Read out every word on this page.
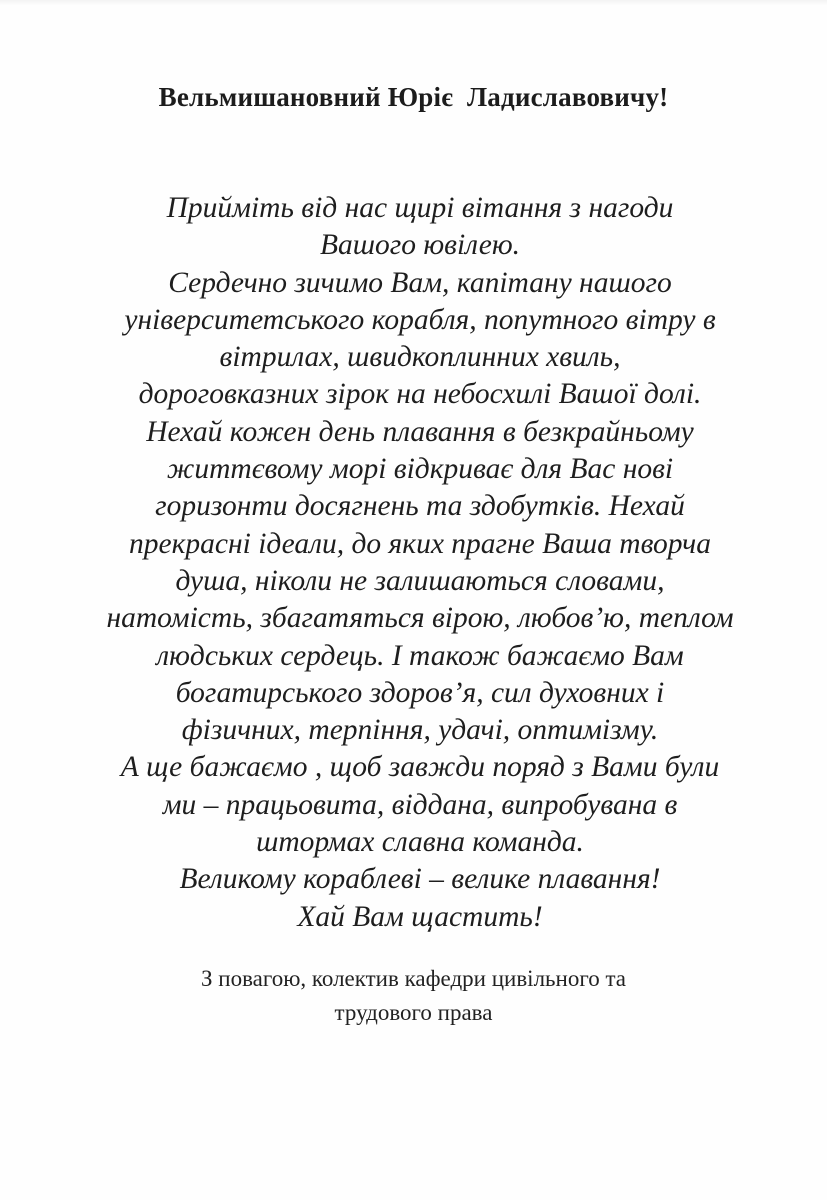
Вельмишановний Юріє  Ладиславовичу!
Прийміть від нас щирі вітання з нагоди
Вашого ювілею.
Сердечно зичимо Вам, капітану нашого
університетського корабля, попутного вітру в
вітрилах, швидкоплинних хвиль,
дороговказних зірок на небосхилі Вашої долі.
Нехай кожен день плавання в безкрайньому
життєвому морі відкриває для Вас нові
горизонти досягнень та здобутків. Нехай
прекрасні ідеали, до яких прагне Ваша творча
душа, ніколи не залишаються словами,
натомість, збагатяться вірою, любов’ю, теплом
людських сердець. І також бажаємо Вам
богатирського здоров’я, сил духовних і
фізичних, терпіння, удачі, оптимізму.
А ще бажаємо , щоб завжди поряд з Вами були
ми – працьовита, віддана, випробувана в
штормах славна команда.
Великому кораблеві – велике плавання!
Хай Вам щастить!
З повагою, колектив кафедри цивільного та
трудового права
